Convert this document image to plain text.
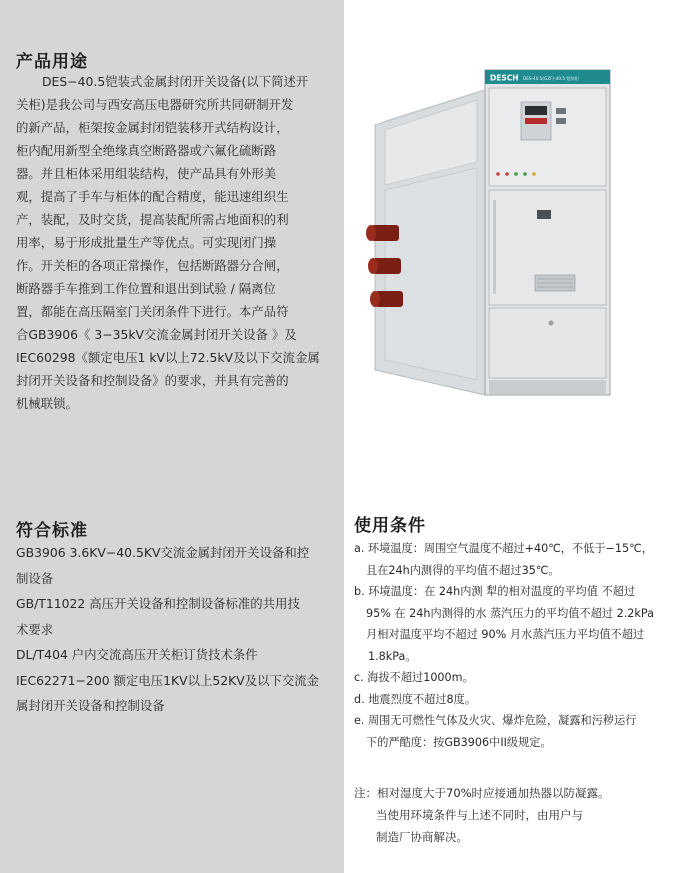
产品用途
DES−40.5铠装式金属封闭开关设备(以下简述开
关柜)是我公司与西安高压电器研究所共同研制开发
的新产品，柜架按金属封闭铠装移开式结构设计，
柜内配用新型全绝缘真空断路器或六氟化硫断路
器。并且柜体采用组装结构，使产品具有外形美
观，提高了手车与柜体的配合精度，能迅速组织生
产，装配，及时交货，提高装配所需占地面积的利
用率，易于形成批量生产等优点。可实现闭门操
作。开关柜的各项正常操作，包括断路器分合闸，
断路器手车推到工作位置和退出到试验 / 隔离位
置，都能在高压隔室门关闭条件下进行。本产品符
合GB3906《 3−35kV交流金属封闭开关设备 》及
IEC60298《额定电压1 kV以上72.5kV及以下交流金属
封闭开关设备和控制设备》的要求，并具有完善的
机械联锁。
符合标准
GB3906 3.6KV−40.5KV交流金属封闭开关设备和控
制设备
GB/T11022 高压开关设备和控制设备标准的共用技
术要求
DL/T404 户内交流高压开关柜订货技术条件
IEC62271−200 额定电压1KV以上52KV及以下交流金
属封闭开关设备和控制设备
使用条件
a. 环境温度：周围空气温度不超过+40℃，不低于−15℃，
且在24h内测得的平均值不超过35℃。
b. 环境温度：在 24h内测 犁的相对温度的平均值 不超过
95% 在 24h内测得的水 蒸汽压力的平均值不超过 2.2kPa
月相对温度平均不超过 90% 月水蒸汽压力平均值不超过
1.8kPa。
c. 海拔不超过1000m。
d. 地震烈度不超过8度。
e. 周围无可燃性气体及火灾、爆炸危险，凝露和污秽运行
下的严酷度：按GB3906中II级规定。
注：相对湿度大于70%时应接通加热器以防凝露。
当使用环境条件与上述不同时，由用户与
制造厂协商解决。
DESCH DES-40.5(GZF)-40.5 铠装柜
